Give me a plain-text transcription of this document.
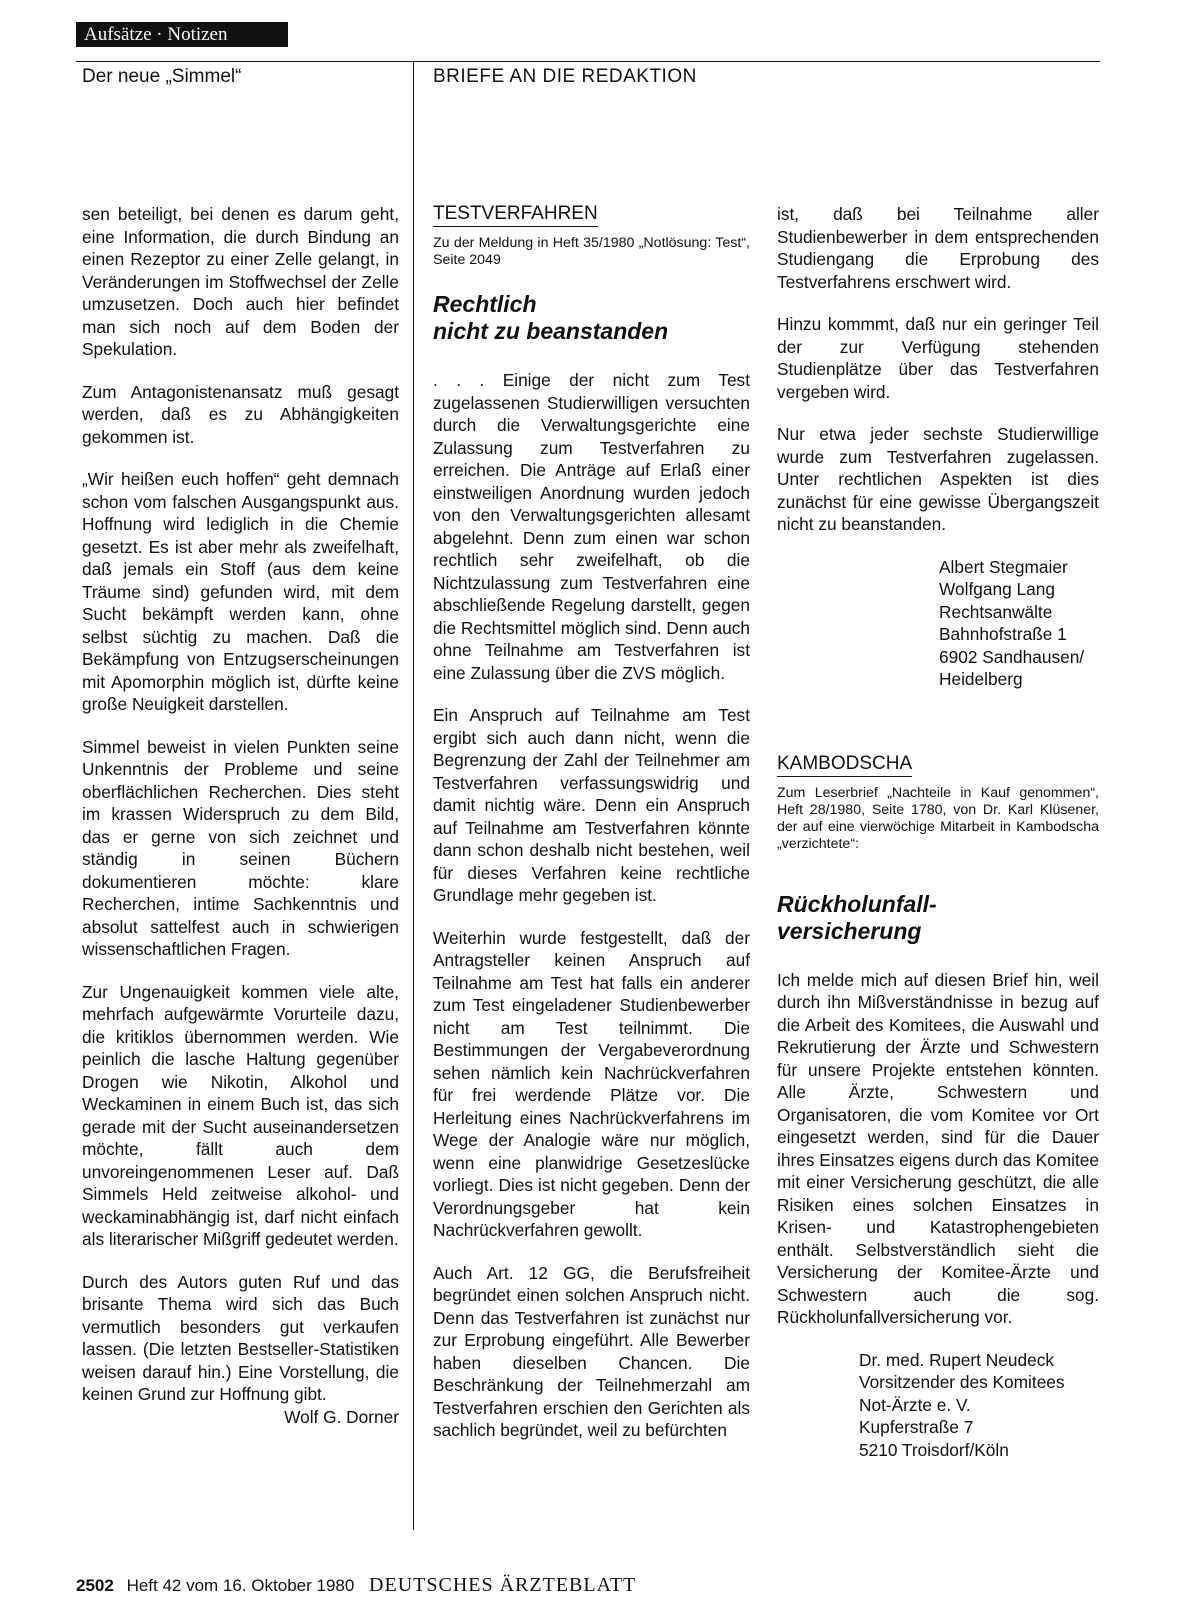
Aufsätze · Notizen
Der neue „Simmel“	BRIEFE AN DIE REDAKTION

sen beteiligt, bei denen es darum geht, eine Information, die durch Bindung an einen Rezeptor zu einer Zelle gelangt, in Veränderungen im Stoffwechsel der Zelle umzusetzen. Doch auch hier befindet man sich noch auf dem Boden der Spekulation.

Zum Antagonistenansatz muß gesagt werden, daß es zu Abhängigkeiten gekommen ist.

„Wir heißen euch hoffen“ geht demnach schon vom falschen Ausgangspunkt aus. Hoffnung wird lediglich in die Chemie gesetzt. Es ist aber mehr als zweifelhaft, daß jemals ein Stoff (aus dem keine Träume sind) gefunden wird, mit dem Sucht bekämpft werden kann, ohne selbst süchtig zu machen. Daß die Bekämpfung von Entzugserscheinungen mit Apomorphin möglich ist, dürfte keine große Neuigkeit darstellen.

Simmel beweist in vielen Punkten seine Unkenntnis der Probleme und seine oberflächlichen Recherchen. Dies steht im krassen Widerspruch zu dem Bild, das er gerne von sich zeichnet und ständig in seinen Büchern dokumentieren möchte: klare Recherchen, intime Sachkenntnis und absolut sattelfest auch in schwierigen wissenschaftlichen Fragen.

Zur Ungenauigkeit kommen viele alte, mehrfach aufgewärmte Vorurteile dazu, die kritiklos übernommen werden. Wie peinlich die lasche Haltung gegenüber Drogen wie Nikotin, Alkohol und Weckaminen in einem Buch ist, das sich gerade mit der Sucht auseinandersetzen möchte, fällt auch dem unvoreingenommenen Leser auf. Daß Simmels Held zeitweise alkohol- und weckaminabhängig ist, darf nicht einfach als literarischer Mißgriff gedeutet werden.

Durch des Autors guten Ruf und das brisante Thema wird sich das Buch vermutlich besonders gut verkaufen lassen. (Die letzten Bestseller-Statistiken weisen darauf hin.) Eine Vorstellung, die keinen Grund zur Hoffnung gibt.
Wolf G. Dorner

TESTVERFAHREN
Zu der Meldung in Heft 35/1980 „Notlösung: Test“, Seite 2049
Rechtlich
nicht zu beanstanden

. . . Einige der nicht zum Test zugelassenen Studierwilligen versuchten durch die Verwaltungsgerichte eine Zulassung zum Testverfahren zu erreichen. Die Anträge auf Erlaß einer einstweiligen Anordnung wurden jedoch von den Verwaltungsgerichten allesamt abgelehnt. Denn zum einen war schon rechtlich sehr zweifelhaft, ob die Nichtzulassung zum Testverfahren eine abschließende Regelung darstellt, gegen die Rechtsmittel möglich sind. Denn auch ohne Teilnahme am Testverfahren ist eine Zulassung über die ZVS möglich.

Ein Anspruch auf Teilnahme am Test ergibt sich auch dann nicht, wenn die Begrenzung der Zahl der Teilnehmer am Testverfahren verfassungswidrig und damit nichtig wäre. Denn ein Anspruch auf Teilnahme am Testverfahren könnte dann schon deshalb nicht bestehen, weil für dieses Verfahren keine rechtliche Grundlage mehr gegeben ist.

Weiterhin wurde festgestellt, daß der Antragsteller keinen Anspruch auf Teilnahme am Test hat falls ein anderer zum Test eingeladener Studienbewerber nicht am Test teilnimmt. Die Bestimmungen der Vergabeverordnung sehen nämlich kein Nachrückverfahren für frei werdende Plätze vor. Die Herleitung eines Nachrückverfahrens im Wege der Analogie wäre nur möglich, wenn eine planwidrige Gesetzeslücke vorliegt. Dies ist nicht gegeben. Denn der Verordnungsgeber hat kein Nachrückverfahren gewollt.

Auch Art. 12 GG, die Berufsfreiheit begründet einen solchen Anspruch nicht. Denn das Testverfahren ist zunächst nur zur Erprobung eingeführt. Alle Bewerber haben dieselben Chancen. Die Beschränkung der Teilnehmerzahl am Testverfahren erschien den Gerichten als sachlich begründet, weil zu befürchten

ist, daß bei Teilnahme aller Studienbewerber in dem entsprechenden Studiengang die Erprobung des Testverfahrens erschwert wird.

Hinzu kommmt, daß nur ein geringer Teil der zur Verfügung stehenden Studienplätze über das Testverfahren vergeben wird.

Nur etwa jeder sechste Studierwillige wurde zum Testverfahren zugelassen. Unter rechtlichen Aspekten ist dies zunächst für eine gewisse Übergangszeit nicht zu beanstanden.

Albert Stegmaier
Wolfgang Lang
Rechtsanwälte
Bahnhofstraße 1
6902 Sandhausen/
Heidelberg
KAMBODSCHA
Zum Leserbrief „Nachteile in Kauf genommen“, Heft 28/1980, Seite 1780, von Dr. Karl Klüsener, der auf eine vierwöchige Mitarbeit in Kambodscha „verzichtete“:
Rückholunfall-
versicherung

Ich melde mich auf diesen Brief hin, weil durch ihn Mißverständnisse in bezug auf die Arbeit des Komitees, die Auswahl und Rekrutierung der Ärzte und Schwestern für unsere Projekte entstehen könnten. Alle Ärzte, Schwestern und Organisatoren, die vom Komitee vor Ort eingesetzt werden, sind für die Dauer ihres Einsatzes eigens durch das Komitee mit einer Versicherung geschützt, die alle Risiken eines solchen Einsatzes in Krisen- und Katastrophengebieten enthält. Selbstverständlich sieht die Versicherung der Komitee-Ärzte und Schwestern auch die sog. Rückholunfallversicherung vor.

Dr. med. Rupert Neudeck
Vorsitzender des Komitees
Not-Ärzte e. V.
Kupferstraße 7
5210 Troisdorf/Köln
2502 Heft 42 vom 16. Oktober 1980 DEUTSCHES ÄRZTEBLATT
